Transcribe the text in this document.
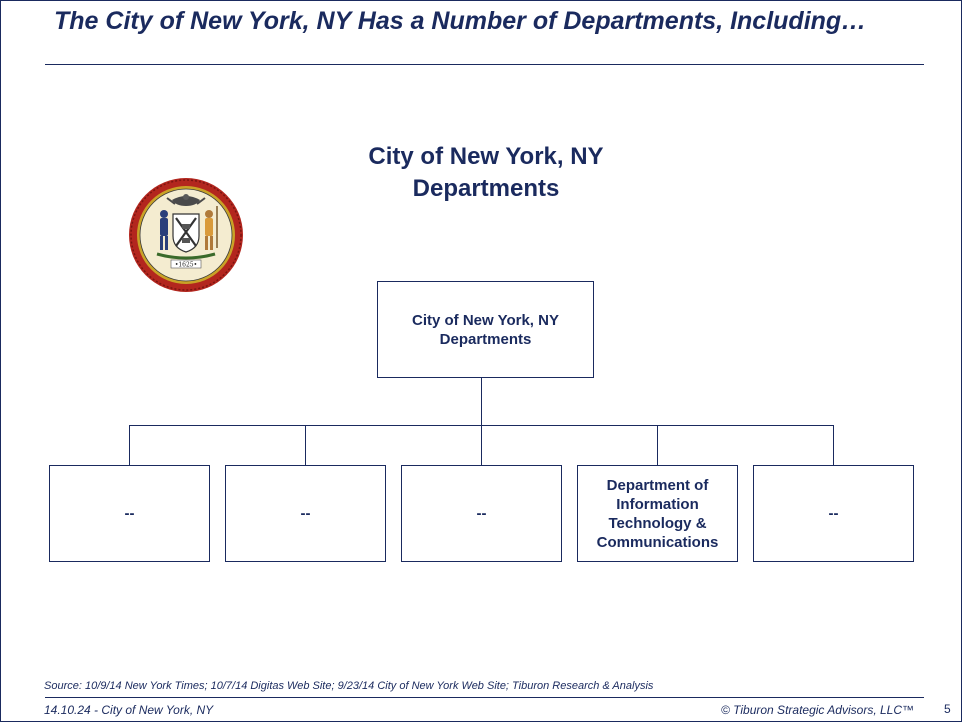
The City of New York, NY Has a Number of Departments, Including…
City of New York, NY
Departments
•1625•
City of New York, NY Departments
--	--	--
Department of Information Technology & Communications
--
Source: 10/9/14 New York Times; 10/7/14 Digitas Web Site; 9/23/14 City of New York Web Site; Tiburon Research & Analysis
14.10.24 - City of New York, NY	© Tiburon Strategic Advisors, LLC™	5
